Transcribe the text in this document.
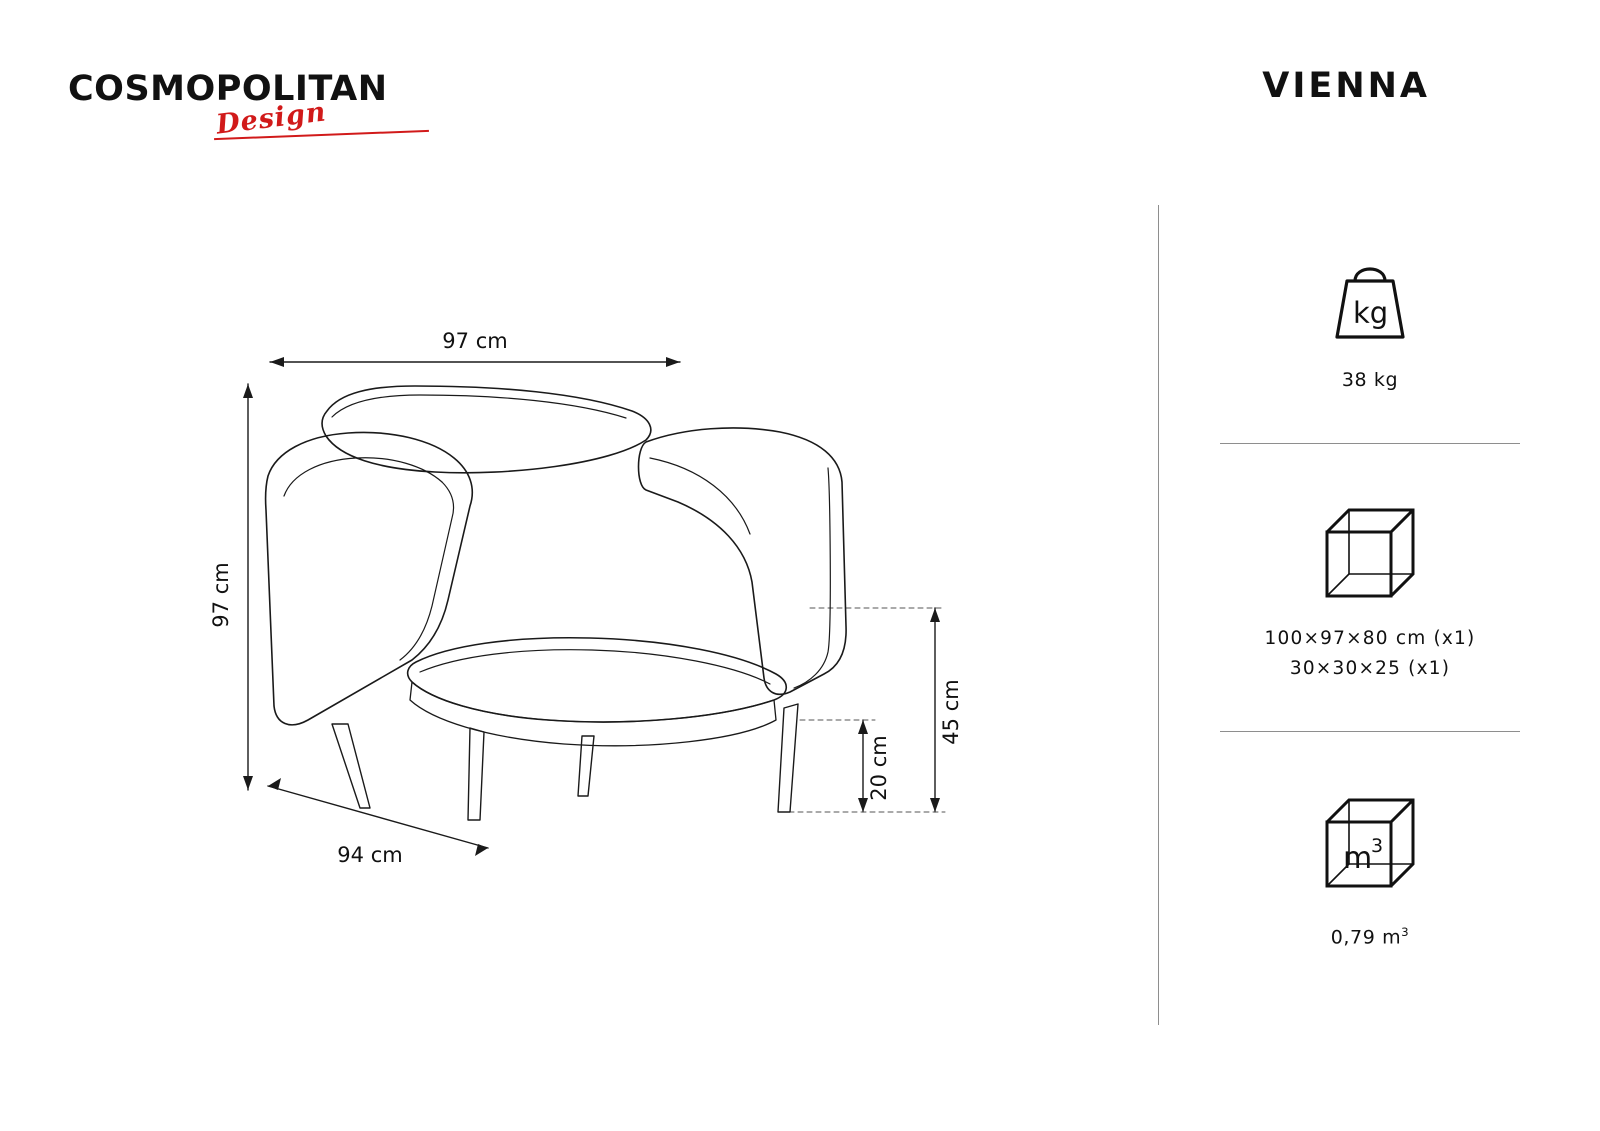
COSMOPOLITAN
Design
VIENNA
97 cm
97 cm
94 cm
45 cm
20 cm
kg
38 kg
100×97×80 cm (x1)
30×30×25 (x1)
m
3
0,79 $m^3$
